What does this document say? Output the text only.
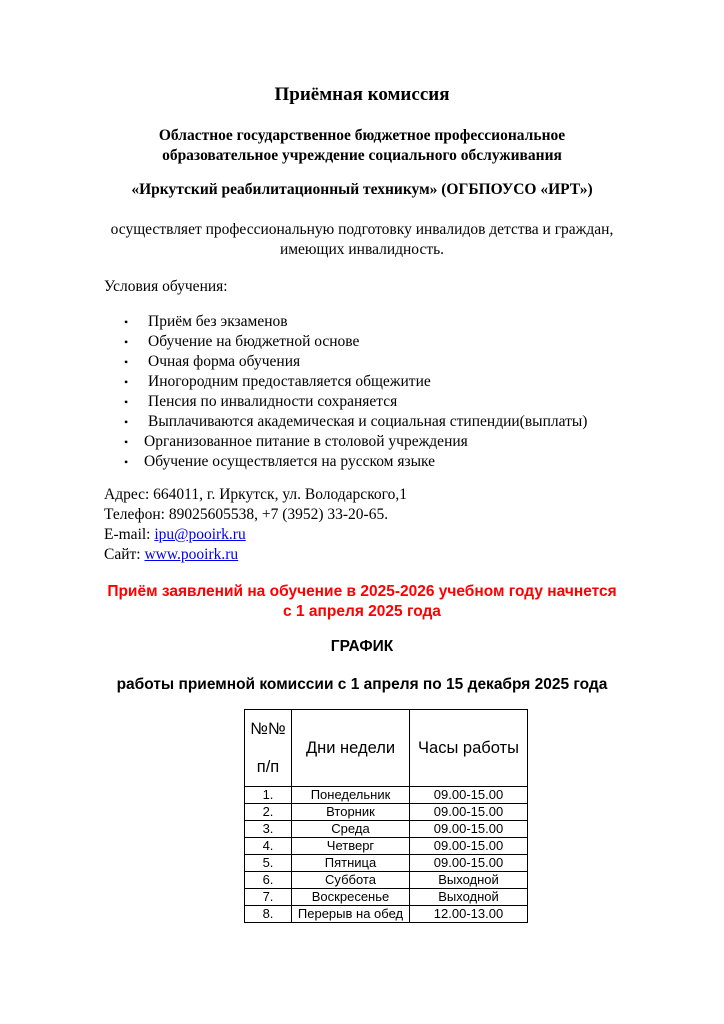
Приёмная комиссия
Областное государственное бюджетное профессиональное
образовательное учреждение социального обслуживания
«Иркутский реабилитационный техникум» (ОГБПОУСО «ИРТ»)
осуществляет профессиональную подготовку инвалидов детства и граждан,
имеющих инвалидность.
Условия обучения:
• Приём без экзаменов
• Обучение на бюджетной основе
• Очная форма обучения
• Иногородним предоставляется общежитие
• Пенсия по инвалидности сохраняется
• Выплачиваются академическая и социальная стипендии(выплаты)
• Организованное питание в столовой учреждения
• Обучение осуществляется на русском языке
Адрес: 664011, г. Иркутск, ул. Володарского,1
Телефон: 89025605538, +7 (3952) 33-20-65.
E-mail: ipu@pooirk.ru
Сайт: www.pooirk.ru
Приём заявлений на обучение в 2025-2026 учебном году начнется
с 1 апреля 2025 года
ГРАФИК
работы приемной комиссии с 1 апреля по 15 декабря 2025 года
№№
п/п	Дни недели	Часы работы
1.	Понедельник	09.00-15.00
2.	Вторник	09.00-15.00
3.	Среда	09.00-15.00
4.	Четверг	09.00-15.00
5.	Пятница	09.00-15.00
6.	Суббота	Выходной
7.	Воскресенье	Выходной
8.	Перерыв на обед	12.00-13.00
